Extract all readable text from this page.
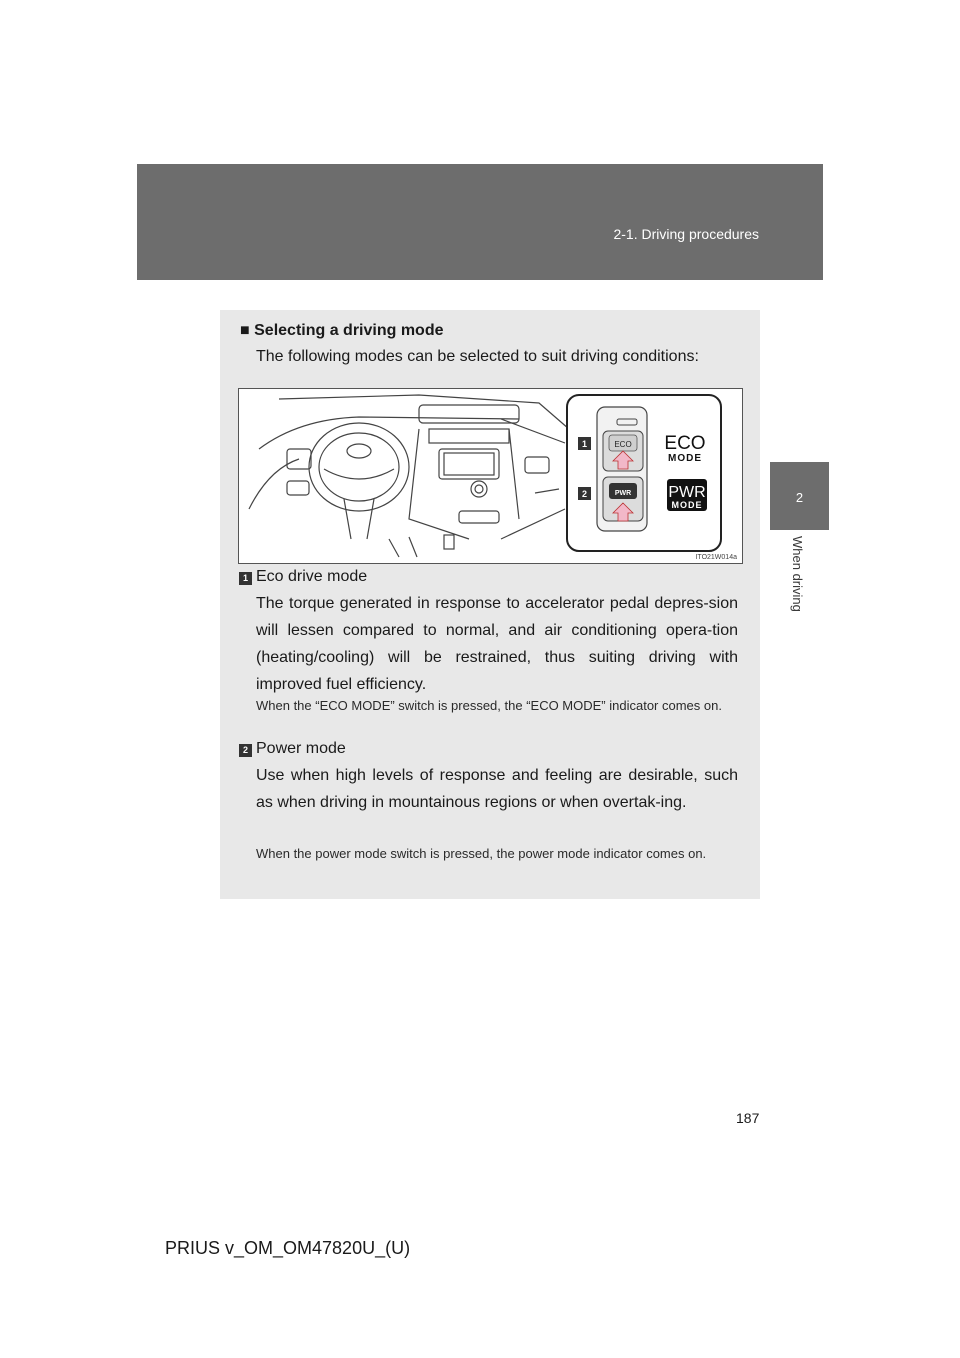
2-1. Driving procedures
2
When driving
■ Selecting a driving mode
The following modes can be selected to suit driving conditions:
1
2
ECO
PWR
ECO
MODE
PWR
MODE
ITO21W014a
1 Eco drive mode
The torque generated in response to accelerator pedal depres-sion will lessen compared to normal, and air conditioning opera-tion (heating/cooling) will be restrained, thus suiting driving with improved fuel efficiency.
When the “ECO MODE” switch is pressed, the “ECO MODE” indicator comes on.
2 Power mode
Use when high levels of response and feeling are desirable, such as when driving in mountainous regions or when overtak-ing.
When the power mode switch is pressed, the power mode indicator comes on.
187
PRIUS v_OM_OM47820U_(U)
